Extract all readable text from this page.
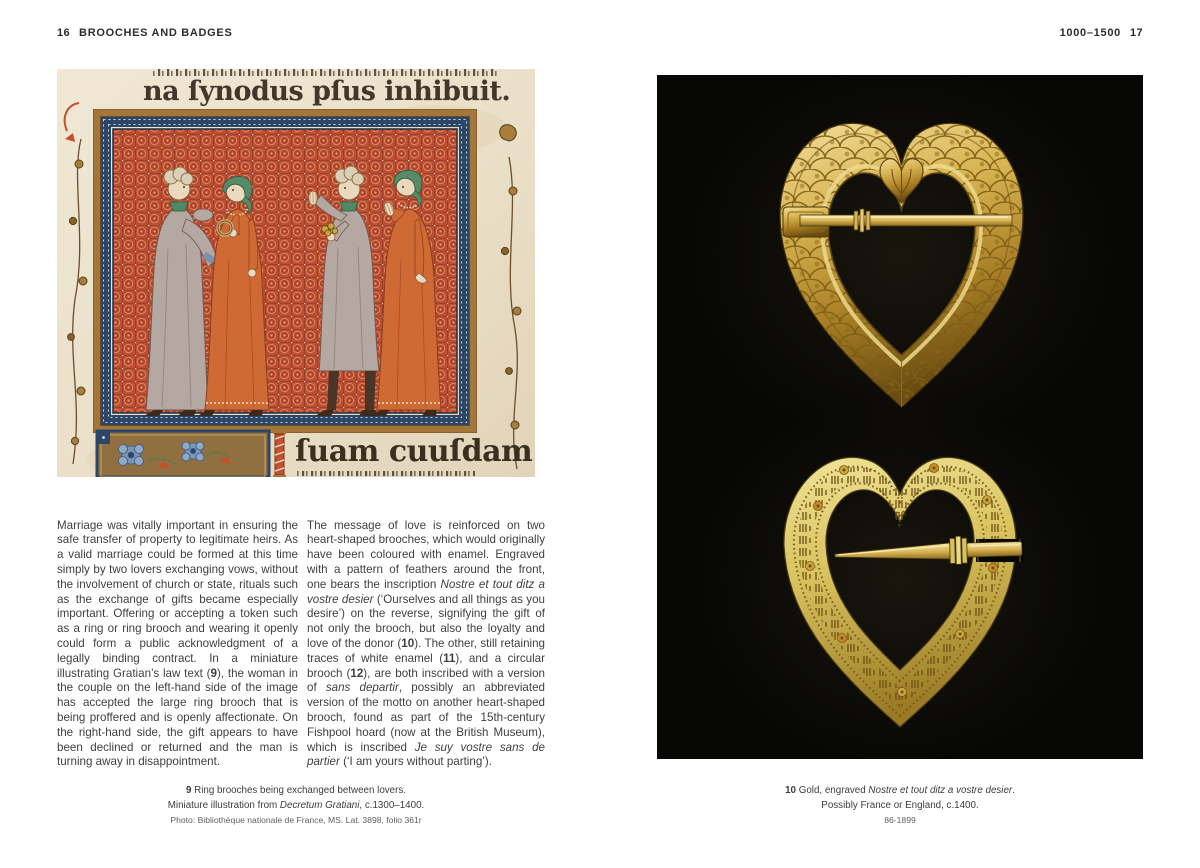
16 BROOCHES AND BADGES	1000–1500 17
na ſynodus pſus inhibuit.
ſuam cuuſdam

Marriage was vitally important in ensuring the safe transfer of property to legitimate heirs. As a valid marriage could be formed at this time simply by two lovers exchanging vows, without the involvement of church or state, rituals such as the exchange of gifts became especially important. Offering or accepting a token such as a ring or ring brooch and wearing it openly could form a public acknowledgment of a legally binding contract. In a miniature illustrating Gratian’s law text (9), the woman in the couple on the left-hand side of the image has accepted the large ring brooch that is being proffered and is openly affectionate. On the right-hand side, the gift appears to have been declined or returned and the man is turning away in disappointment.

The message of love is reinforced on two heart-shaped brooches, which would originally have been coloured with enamel. Engraved with a pattern of feathers around the front, one bears the inscription Nostre et tout ditz a vostre desier (‘Ourselves and all things as you desire’) on the reverse, signifying the gift of not only the brooch, but also the loyalty and love of the donor (10). The other, still retaining traces of white enamel (11), and a circular brooch (12), are both inscribed with a version of sans departir, possibly an abbreviated version of the motto on another heart-shaped brooch, found as part of the 15th-century Fishpool hoard (now at the British Museum), which is inscribed Je suy vostre sans de partier (‘I am yours without parting’).

9 Ring brooches being exchanged between lovers.
Miniature illustration from Decretum Gratiani, c.1300–1400.
Photo: Bibliothèque nationale de France, MS. Lat. 3898, folio 361r
10 Gold, engraved Nostre et tout ditz a vostre desier.
Possibly France or England, c.1400.
86-1899
